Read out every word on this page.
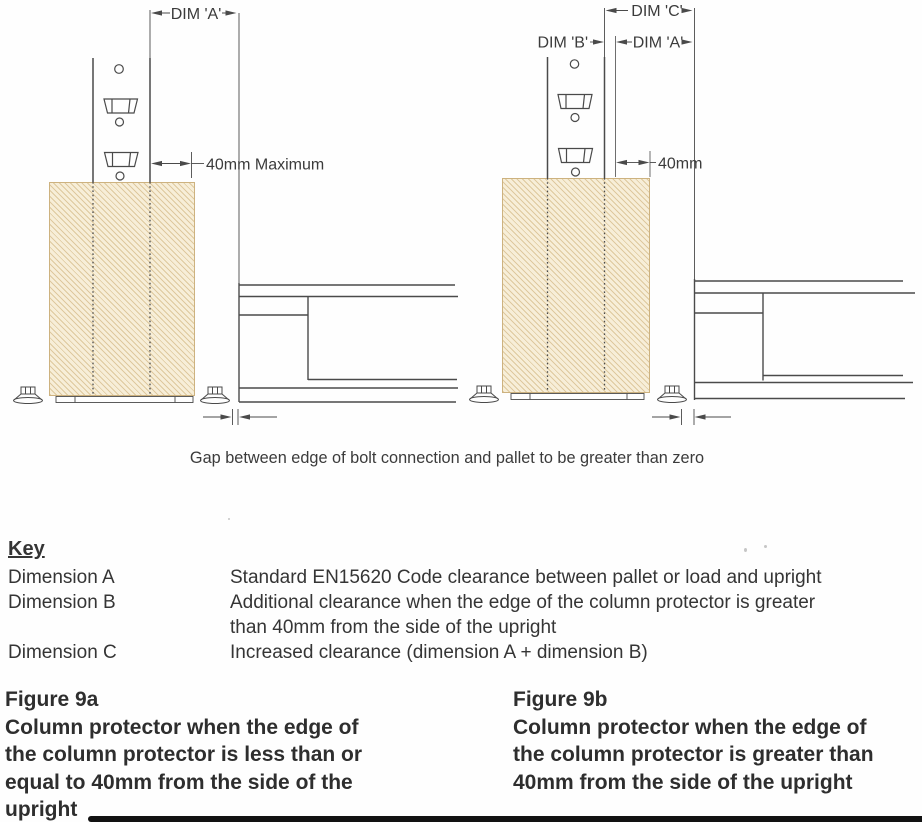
DIM 'A'
40mm Maximum
DIM 'C'
DIM 'B'	DIM 'A'
40mm
Gap between edge of bolt connection and pallet to be greater than zero
Key
Dimension A	Standard EN15620 Code clearance between pallet or load and upright
Dimension B	Additional clearance when the edge of the column protector is greater
than 40mm from the side of the upright
Dimension C	Increased clearance (dimension A + dimension B)
Figure 9a
Column protector when the edge of
the column protector is less than or
equal to 40mm from the side of the
upright
Figure 9b
Column protector when the edge of
the column protector is greater than
40mm from the side of the upright
